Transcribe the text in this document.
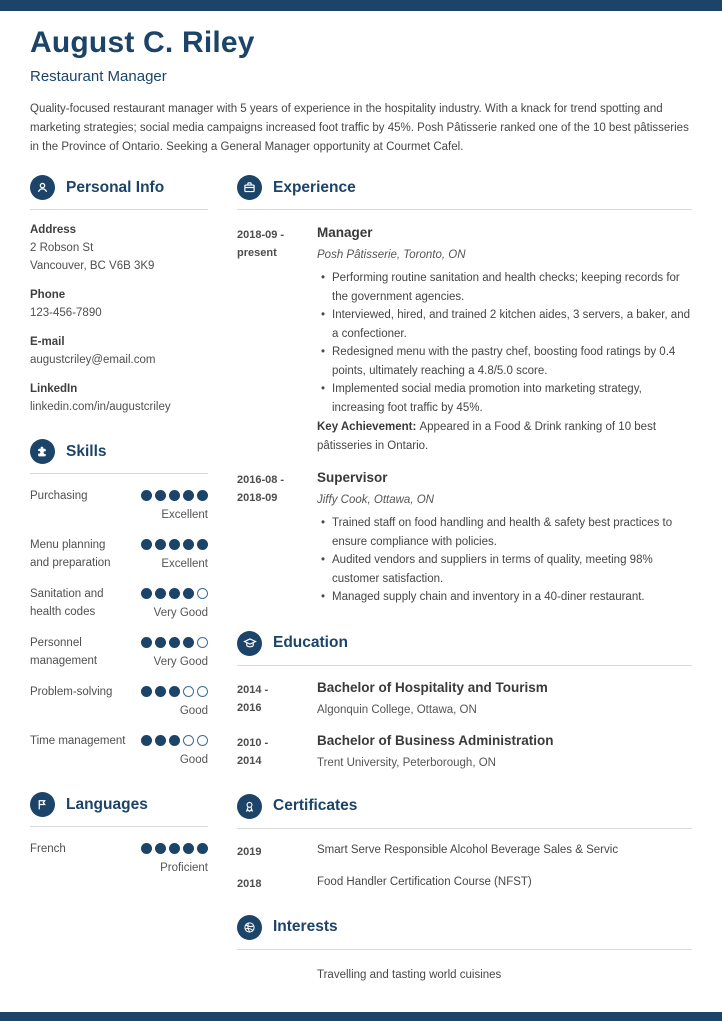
August C. Riley
Restaurant Manager
Quality-focused restaurant manager with 5 years of experience in the hospitality industry. With a knack for trend spotting and marketing strategies; social media campaigns increased foot traffic by 45%. Posh Pâtisserie ranked one of the 10 best pâtisseries in the Province of Ontario. Seeking a General Manager opportunity at Courmet Cafel.
Personal Info
Address
2 Robson St
Vancouver, BC V6B 3K9
Phone
123-456-7890
E-mail
augustcriley@email.com
LinkedIn
linkedin.com/in/augustcriley
Skills
Purchasing
Excellent
Menu planning and preparation	Excellent
Sanitation and health codes	Very Good
Personnel management	Very Good
Problem-solving
Good
Time management
Good
Languages
French
Proficient
Experience
2018-09 -
present
Manager
Posh Pâtisserie, Toronto, ON
• Performing routine sanitation and health checks; keeping records for the government agencies.
• Interviewed, hired, and trained 2 kitchen aides, 3 servers, a baker, and a confectioner.
• Redesigned menu with the pastry chef, boosting food ratings by 0.4 points, ultimately reaching a 4.8/5.0 score.
• Implemented social media promotion into marketing strategy, increasing foot traffic by 45%.
Key Achievement: Appeared in a Food & Drink ranking of 10 best pâtisseries in Ontario.
2016-08 -
2018-09
Supervisor
Jiffy Cook, Ottawa, ON
• Trained staff on food handling and health & safety best practices to ensure compliance with policies.
• Audited vendors and suppliers in terms of quality, meeting 98% customer satisfaction.
• Managed supply chain and inventory in a 40-diner restaurant.
Education
2014 -
2016
Bachelor of Hospitality and Tourism
Algonquin College, Ottawa, ON
2010 -
2014
Bachelor of Business Administration
Trent University, Peterborough, ON
Certificates
2019	Smart Serve Responsible Alcohol Beverage Sales & Servic
2018	Food Handler Certification Course (NFST)
Interests
Travelling and tasting world cuisines
